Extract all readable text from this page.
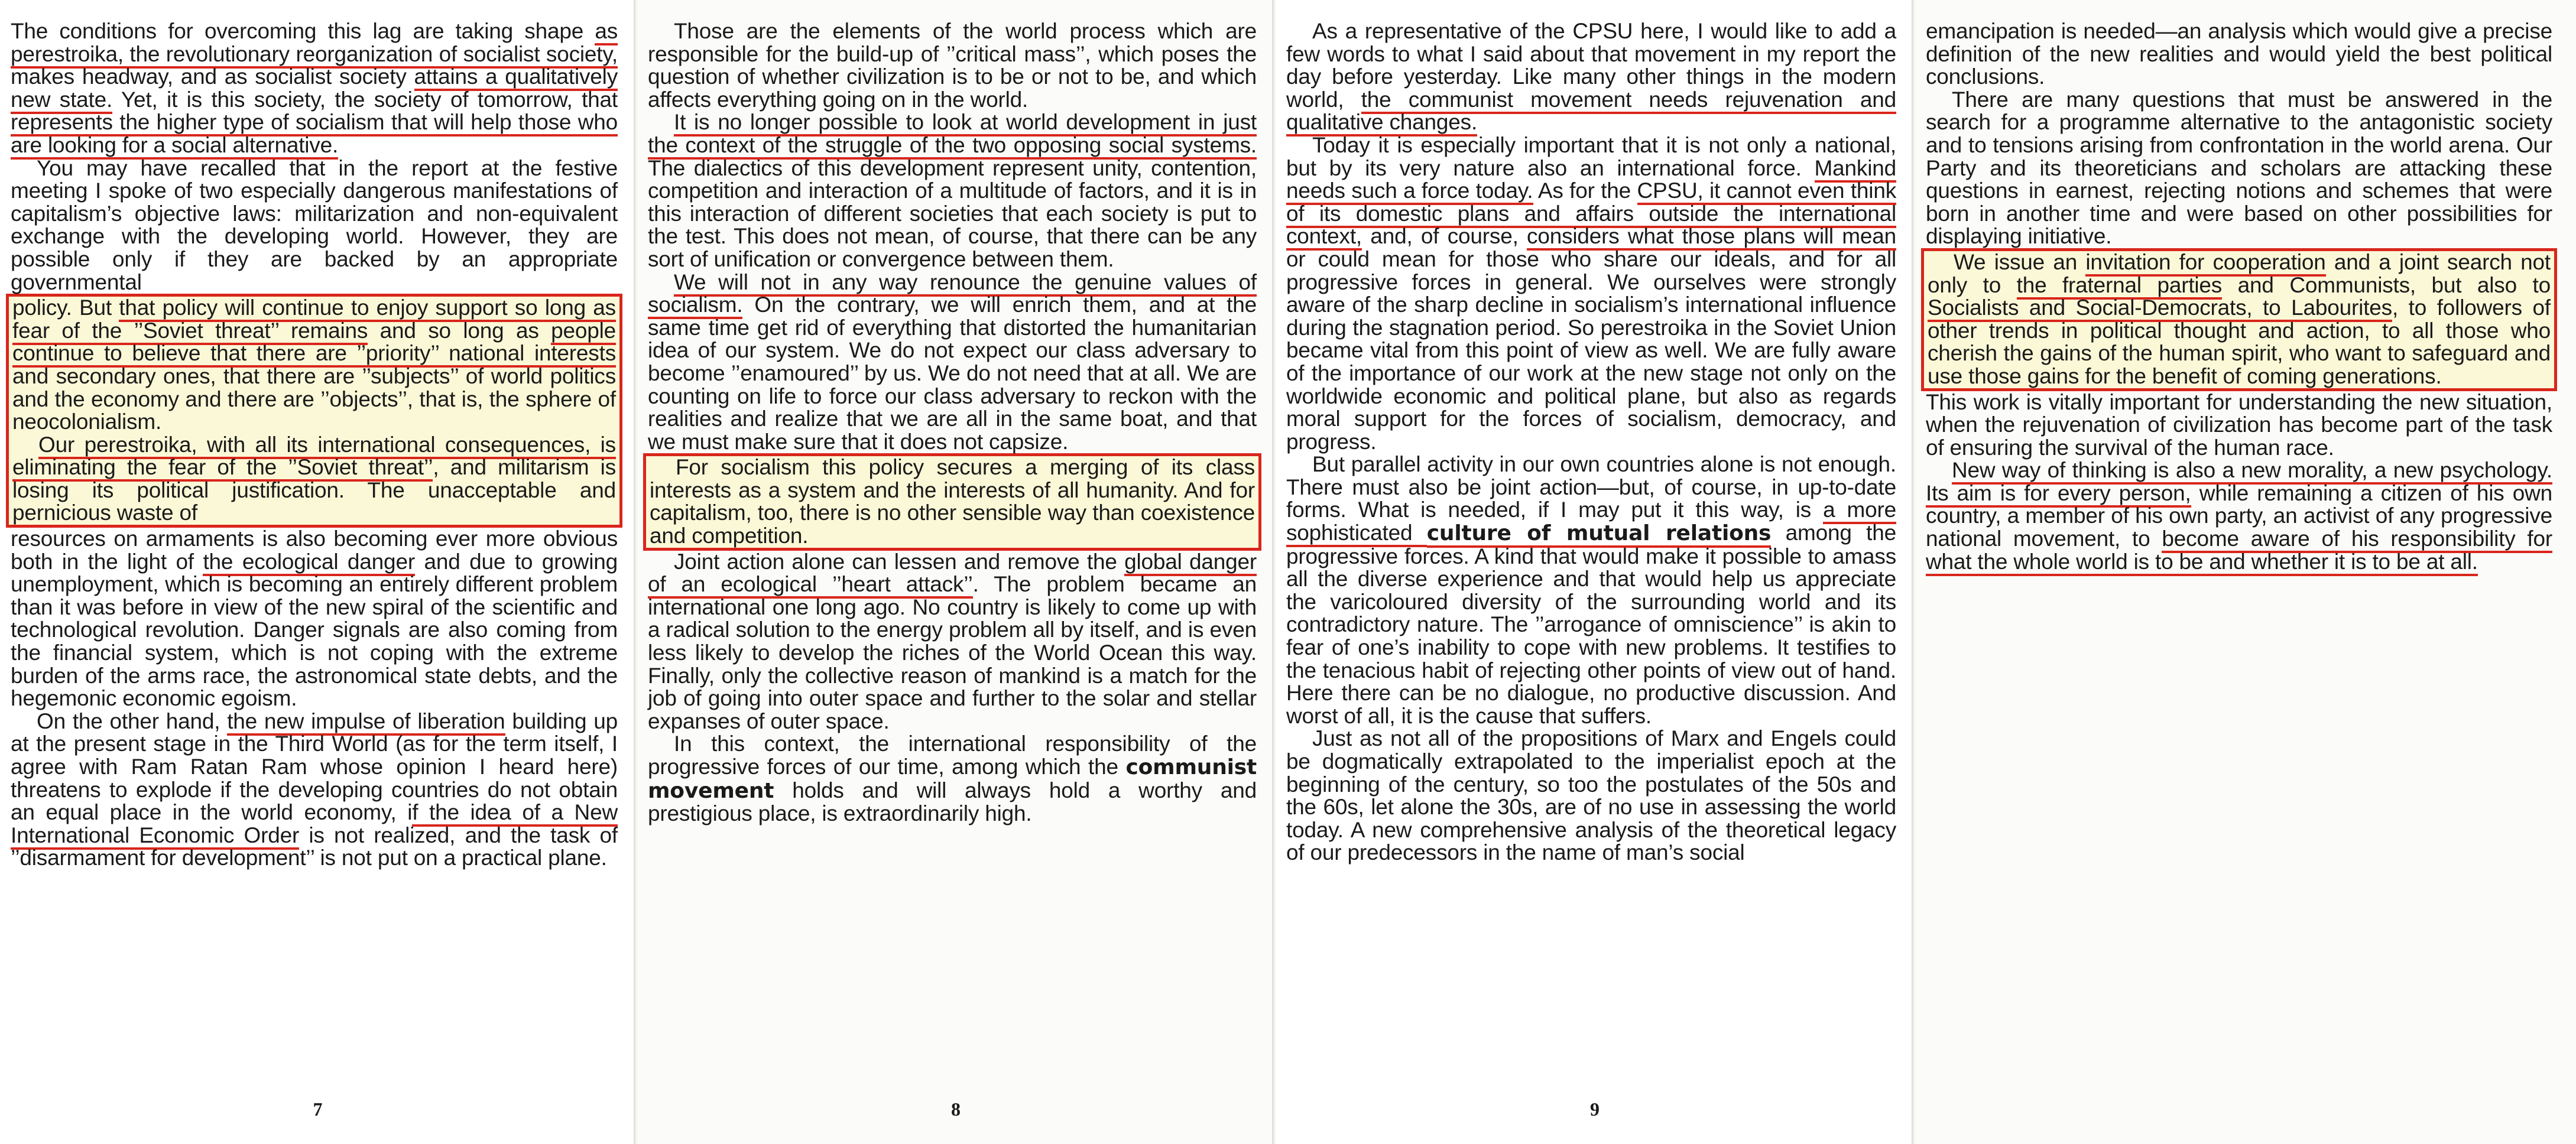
The conditions for overcoming this lag are taking shape as perestroika, the revolutionary reorganization of socialist society, makes headway, and as socialist society attains a qualitatively new state. Yet, it is this society, the society of tomorrow, that represents the higher type of socialism that will help those who are looking for a social alternative.

You may have recalled that in the report at the festive meeting I spoke of two especially dangerous manifestations of capitalism’s objective laws: militarization and non-equivalent exchange with the developing world. However, they are possible only if they are backed by an appropriate governmental

policy. But that policy will continue to enjoy support so long as fear of the ’’Soviet threat’’ remains and so long as people continue to believe that there are ’’priority’’ national interests and secondary ones, that there are ’’subjects’’ of world politics and the economy and there are ’’objects’’, that is, the sphere of neocolonialism.

Our perestroika, with all its international consequences, is eliminating the fear of the ’’Soviet threat’’, and militarism is losing its political justification. The unacceptable and pernicious waste of

resources on armaments is also becoming ever more obvious both in the light of the ecological danger and due to growing unemployment, which is becoming an entirely different problem than it was before in view of the new spiral of the scientific and technological revolution. Danger signals are also coming from the financial system, which is not coping with the extreme burden of the arms race, the astronomical state debts, and the hegemonic economic egoism.

On the other hand, the new impulse of liberation building up at the present stage in the Third World (as for the term itself, I agree with Ram Ratan Ram whose opinion I heard here) threatens to explode if the developing countries do not obtain an equal place in the world economy, if the idea of a New International Economic Order is not realized, and the task of ’’disarmament for development’’ is not put on a practical plane.

7

Those are the elements of the world process which are responsible for the build-up of ’’critical mass’’, which poses the question of whether civilization is to be or not to be, and which affects everything going on in the world.

It is no longer possible to look at world development in just the context of the struggle of the two opposing social systems. The dialectics of this development represent unity, contention, competition and interaction of a multitude of factors, and it is in this interaction of different societies that each society is put to the test. This does not mean, of course, that there can be any sort of unification or convergence between them.

We will not in any way renounce the genuine values of socialism. On the contrary, we will enrich them, and at the same time get rid of everything that distorted the humanitarian idea of our system. We do not expect our class adversary to become ’’enamoured’’ by us. We do not need that at all. We are counting on life to force our class adversary to reckon with the realities and realize that we are all in the same boat, and that we must make sure that it does not capsize.

For socialism this policy secures a merging of its class interests as a system and the interests of all humanity. And for capitalism, too, there is no other sensible way than coexistence and competition.

Joint action alone can lessen and remove the global danger of an ecological ’’heart attack’’. The problem became an international one long ago. No country is likely to come up with a radical solution to the energy problem all by itself, and is even less likely to develop the riches of the World Ocean this way. Finally, only the collective reason of mankind is a match for the job of going into outer space and further to the solar and stellar expanses of outer space.

In this context, the international responsibility of the progressive forces of our time, among which the communist movement holds and will always hold a worthy and prestigious place, is extraordinarily high.

8

As a representative of the CPSU here, I would like to add a few words to what I said about that movement in my report the day before yesterday. Like many other things in the modern world, the communist movement needs rejuvenation and qualitative changes.

Today it is especially important that it is not only a national, but by its very nature also an international force. Mankind needs such a force today. As for the CPSU, it cannot even think of its domestic plans and affairs outside the international context, and, of course, considers what those plans will mean or could mean for those who share our ideals, and for all progressive forces in general. We ourselves were strongly aware of the sharp decline in socialism’s international influence during the stagnation period. So perestroika in the Soviet Union became vital from this point of view as well. We are fully aware of the importance of our work at the new stage not only on the worldwide economic and political plane, but also as regards moral support for the forces of socialism, democracy, and progress.

But parallel activity in our own countries alone is not enough. There must also be joint action—but, of course, in up-to-date forms. What is needed, if I may put it this way, is a more sophisticated culture of mutual relations among the progressive forces. A kind that would make it possible to amass all the diverse experience and that would help us appreciate the varicoloured diversity of the surrounding world and its contradictory nature. The ’’arrogance of omniscience’’ is akin to fear of one’s inability to cope with new problems. It testifies to the tenacious habit of rejecting other points of view out of hand. Here there can be no dialogue, no productive discussion. And worst of all, it is the cause that suffers.

Just as not all of the propositions of Marx and Engels could be dogmatically extrapolated to the imperialist epoch at the beginning of the century, so too the postulates of the 50s and the 60s, let alone the 30s, are of no use in assessing the world today. A new comprehensive analysis of the theoretical legacy of our predecessors in the name of man’s social

9

emancipation is needed—an analysis which would give a precise definition of the new realities and would yield the best political conclusions.

There are many questions that must be answered in the search for a programme alternative to the antagonistic society and to tensions arising from confrontation in the world arena. Our Party and its theoreticians and scholars are attacking these questions in earnest, rejecting notions and schemes that were born in another time and were based on other possibilities for displaying initiative.

We issue an invitation for cooperation and a joint search not only to the fraternal parties and Communists, but also to Socialists and Social-Democrats, to Labourites, to followers of other trends in political thought and action, to all those who cherish the gains of the human spirit, who want to safeguard and use those gains for the benefit of coming generations.

This work is vitally important for understanding the new situation, when the rejuvenation of civilization has become part of the task of ensuring the survival of the human race.

New way of thinking is also a new morality, a new psychology. Its aim is for every person, while remaining a citizen of his own country, a member of his own party, an activist of any progressive national movement, to become aware of his responsibility for what the whole world is to be and whether it is to be at all.
